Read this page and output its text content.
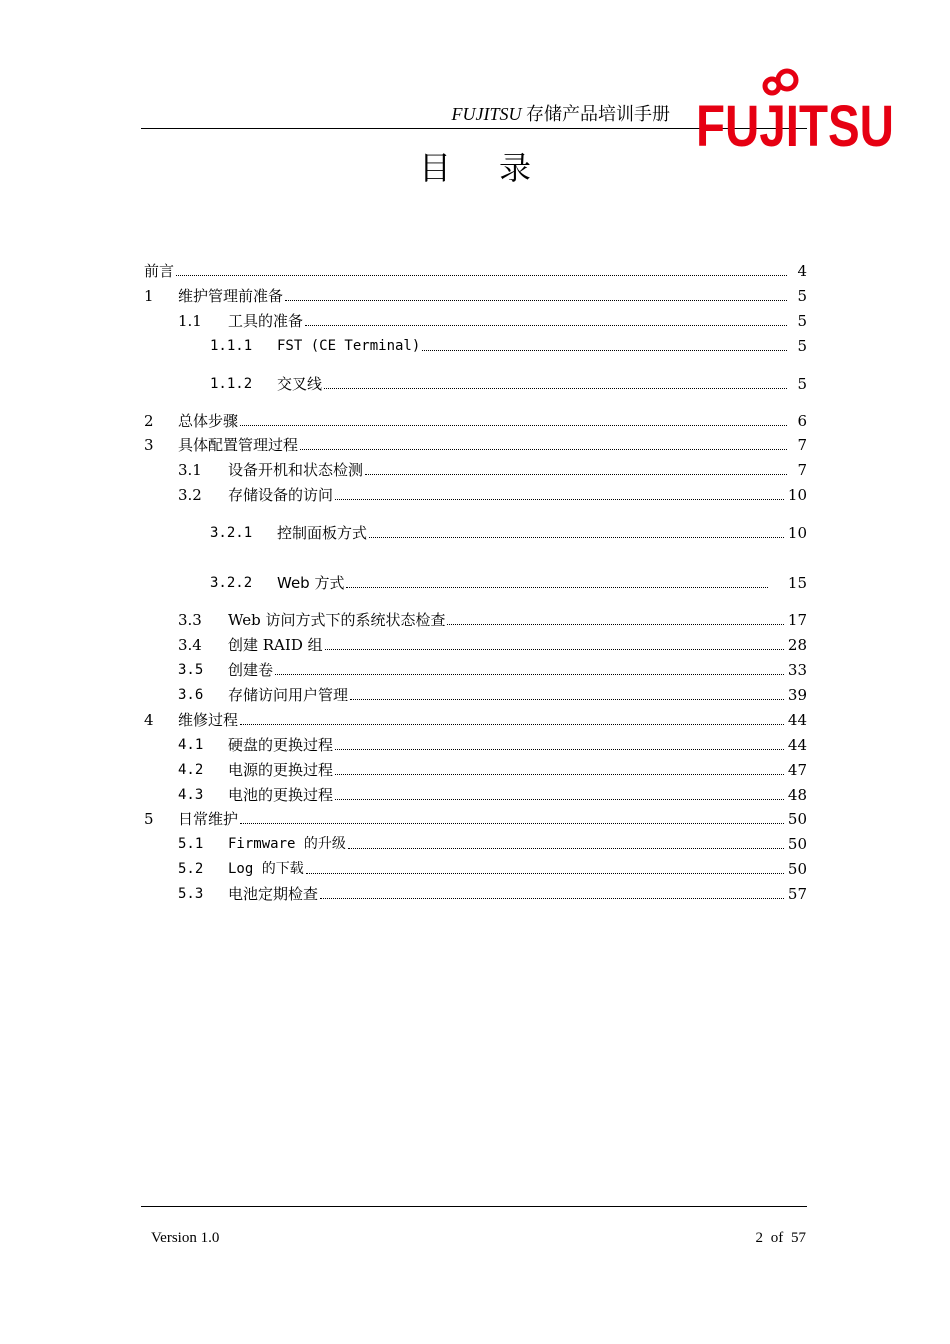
FUJITSU 存储产品培训手册 FUJITSU
目录
前言	4
1	维护管理前准备	5
1.1	工具的准备	5
1.1.1	FST (CE Terminal)	5
1.1.2	交叉线	5
2	总体步骤	6
3	具体配置管理过程	7
3.1	设备开机和状态检测	7
3.2	存储设备的访问	10
3.2.1	控制面板方式	10
3.2.2	Web 方式	15
3.3	Web 访问方式下的系统状态检查	17
3.4	创建 RAID 组	28
3.5	创建卷	33
3.6	存储访问用户管理	39
4	维修过程	44
4.1	硬盘的更换过程	44
4.2	电源的更换过程	47
4.3	电池的更换过程	48
5	日常维护	50
5.1	Firmware 的升级	50
5.2	Log 的下载	50
5.3	电池定期检查	57
Version 1.0	2 of 57
